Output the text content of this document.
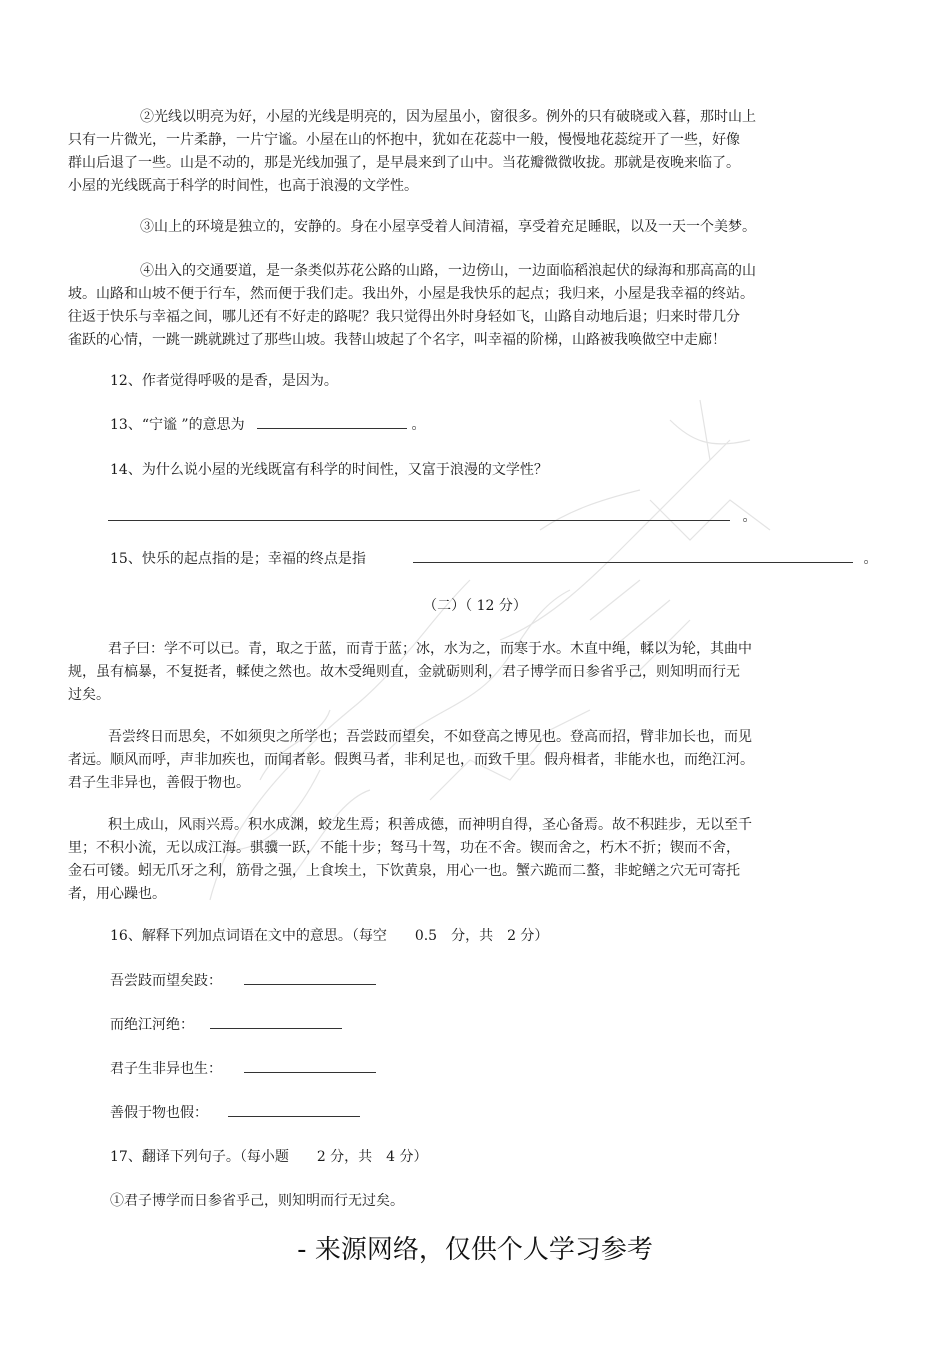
②光线以明亮为好，小屋的光线是明亮的，因为屋虽小，窗很多。例外的只有破晓或入暮，那时山上
只有一片微光，一片柔静，一片宁谧。小屋在山的怀抱中，犹如在花蕊中一般，慢慢地花蕊绽开了一些，好像
群山后退了一些。山是不动的，那是光线加强了，是早晨来到了山中。当花瓣微微收拢。那就是夜晚来临了。
小屋的光线既高于科学的时间性，也高于浪漫的文学性。
③山上的环境是独立的，安静的。身在小屋享受着人间清福，享受着充足睡眠，以及一天一个美梦。
④出入的交通要道，是一条类似苏花公路的山路，一边傍山，一边面临稻浪起伏的绿海和那高高的山
坡。山路和山坡不便于行车，然而便于我们走。我出外，小屋是我快乐的起点；我归来，小屋是我幸福的终站。
往返于快乐与幸福之间，哪儿还有不好走的路呢？我只觉得出外时身轻如飞，山路自动地后退；归来时带几分
雀跃的心情，一跳一跳就跳过了那些山坡。我替山坡起了个名字，叫幸福的阶梯，山路被我唤做空中走廊！
12、作者觉得呼吸的是香，是因为。
13、“宁谧 ”的意思为	。
14、为什么说小屋的光线既富有科学的时间性，又富于浪漫的文学性？
。
15、快乐的起点指的是；幸福的终点是指	。
（二）（ 12 分）
君子曰：学不可以已。青，取之于蓝，而青于蓝；冰，水为之，而寒于水。木直中绳，輮以为轮，其曲中
规，虽有槁暴，不复挺者，輮使之然也。故木受绳则直，金就砺则利，君子博学而日参省乎己，则知明而行无
过矣。
吾尝终日而思矣，不如须臾之所学也；吾尝跂而望矣，不如登高之博见也。登高而招，臂非加长也，而见
者远。顺风而呼，声非加疾也，而闻者彰。假舆马者，非利足也，而致千里。假舟楫者，非能水也，而绝江河。
君子生非异也，善假于物也。
积土成山，风雨兴焉。积水成渊，蛟龙生焉；积善成德，而神明自得，圣心备焉。故不积跬步，无以至千
里；不积小流，无以成江海。骐骥一跃，不能十步；驽马十驾，功在不舍。锲而舍之，朽木不折；锲而不舍，
金石可镂。蚓无爪牙之利，筋骨之强，上食埃土，下饮黄泉，用心一也。蟹六跪而二螯，非蛇鳝之穴无可寄托
者，用心躁也。
16、解释下列加点词语在文中的意思。（每空　　0.5　分，共　2 分）
吾尝跂而望矣跂：
而绝江河绝：
君子生非异也生：
善假于物也假：
17、翻译下列句子。（每小题　　2 分，共　4 分）
①君子博学而日参省乎己，则知明而行无过矣。
- 来源网络，仅供个人学习参考
